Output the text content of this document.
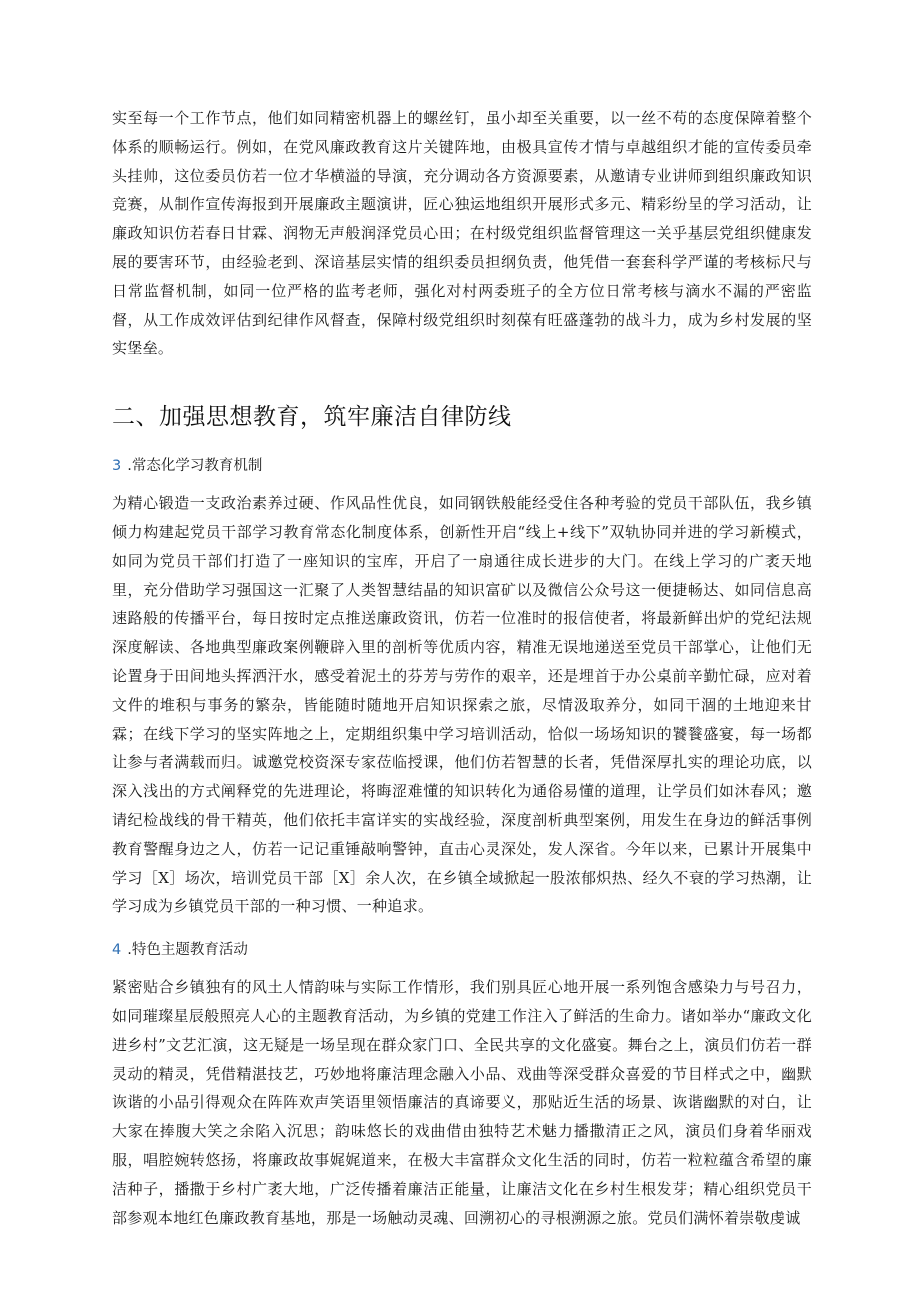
实至每一个工作节点，他们如同精密机器上的螺丝钉，虽小却至关重要，以一丝不苟的态度保障着整个体系的顺畅运行。例如，在党风廉政教育这片关键阵地，由极具宣传才情与卓越组织才能的宣传委员牵头挂帅，这位委员仿若一位才华横溢的导演，充分调动各方资源要素，从邀请专业讲师到组织廉政知识竞赛，从制作宣传海报到开展廉政主题演讲，匠心独运地组织开展形式多元、精彩纷呈的学习活动，让廉政知识仿若春日甘霖、润物无声般润泽党员心田；在村级党组织监督管理这一关乎基层党组织健康发展的要害环节，由经验老到、深谙基层实情的组织委员担纲负责，他凭借一套套科学严谨的考核标尺与日常监督机制，如同一位严格的监考老师，强化对村两委班子的全方位日常考核与滴水不漏的严密监督，从工作成效评估到纪律作风督查，保障村级党组织时刻葆有旺盛蓬勃的战斗力，成为乡村发展的坚实堡垒。

二、加强思想教育，筑牢廉洁自律防线
3 .常态化学习教育机制

为精心锻造一支政治素养过硬、作风品性优良，如同钢铁般能经受住各种考验的党员干部队伍，我乡镇倾力构建起党员干部学习教育常态化制度体系，创新性开启“线上+线下”双轨协同并进的学习新模式，如同为党员干部们打造了一座知识的宝库，开启了一扇通往成长进步的大门。在线上学习的广袤天地里，充分借助学习强国这一汇聚了人类智慧结晶的知识富矿以及微信公众号这一便捷畅达、如同信息高速路般的传播平台，每日按时定点推送廉政资讯，仿若一位准时的报信使者，将最新鲜出炉的党纪法规深度解读、各地典型廉政案例鞭辟入里的剖析等优质内容，精准无误地递送至党员干部掌心，让他们无论置身于田间地头挥洒汗水，感受着泥土的芬芳与劳作的艰辛，还是埋首于办公桌前辛勤忙碌，应对着文件的堆积与事务的繁杂，皆能随时随地开启知识探索之旅，尽情汲取养分，如同干涸的土地迎来甘霖；在线下学习的坚实阵地之上，定期组织集中学习培训活动，恰似一场场知识的饕餮盛宴，每一场都让参与者满载而归。诚邀党校资深专家莅临授课，他们仿若智慧的长者，凭借深厚扎实的理论功底，以深入浅出的方式阐释党的先进理论，将晦涩难懂的知识转化为通俗易懂的道理，让学员们如沐春风；邀请纪检战线的骨干精英，他们依托丰富详实的实战经验，深度剖析典型案例，用发生在身边的鲜活事例教育警醒身边之人，仿若一记记重锤敲响警钟，直击心灵深处，发人深省。今年以来，已累计开展集中学习［X］场次，培训党员干部［X］余人次，在乡镇全域掀起一股浓郁炽热、经久不衰的学习热潮，让学习成为乡镇党员干部的一种习惯、一种追求。

4 .特色主题教育活动

紧密贴合乡镇独有的风土人情韵味与实际工作情形，我们别具匠心地开展一系列饱含感染力与号召力，如同璀璨星辰般照亮人心的主题教育活动，为乡镇的党建工作注入了鲜活的生命力。诸如举办“廉政文化进乡村”文艺汇演，这无疑是一场呈现在群众家门口、全民共享的文化盛宴。舞台之上，演员们仿若一群灵动的精灵，凭借精湛技艺，巧妙地将廉洁理念融入小品、戏曲等深受群众喜爱的节目样式之中，幽默诙谐的小品引得观众在阵阵欢声笑语里领悟廉洁的真谛要义，那贴近生活的场景、诙谐幽默的对白，让大家在捧腹大笑之余陷入沉思；韵味悠长的戏曲借由独特艺术魅力播撒清正之风，演员们身着华丽戏服，唱腔婉转悠扬，将廉政故事娓娓道来，在极大丰富群众文化生活的同时，仿若一粒粒蕴含希望的廉洁种子，播撒于乡村广袤大地，广泛传播着廉洁正能量，让廉洁文化在乡村生根发芽；精心组织党员干部参观本地红色廉政教育基地，那是一场触动灵魂、回溯初心的寻根溯源之旅。党员们满怀着崇敬虔诚
